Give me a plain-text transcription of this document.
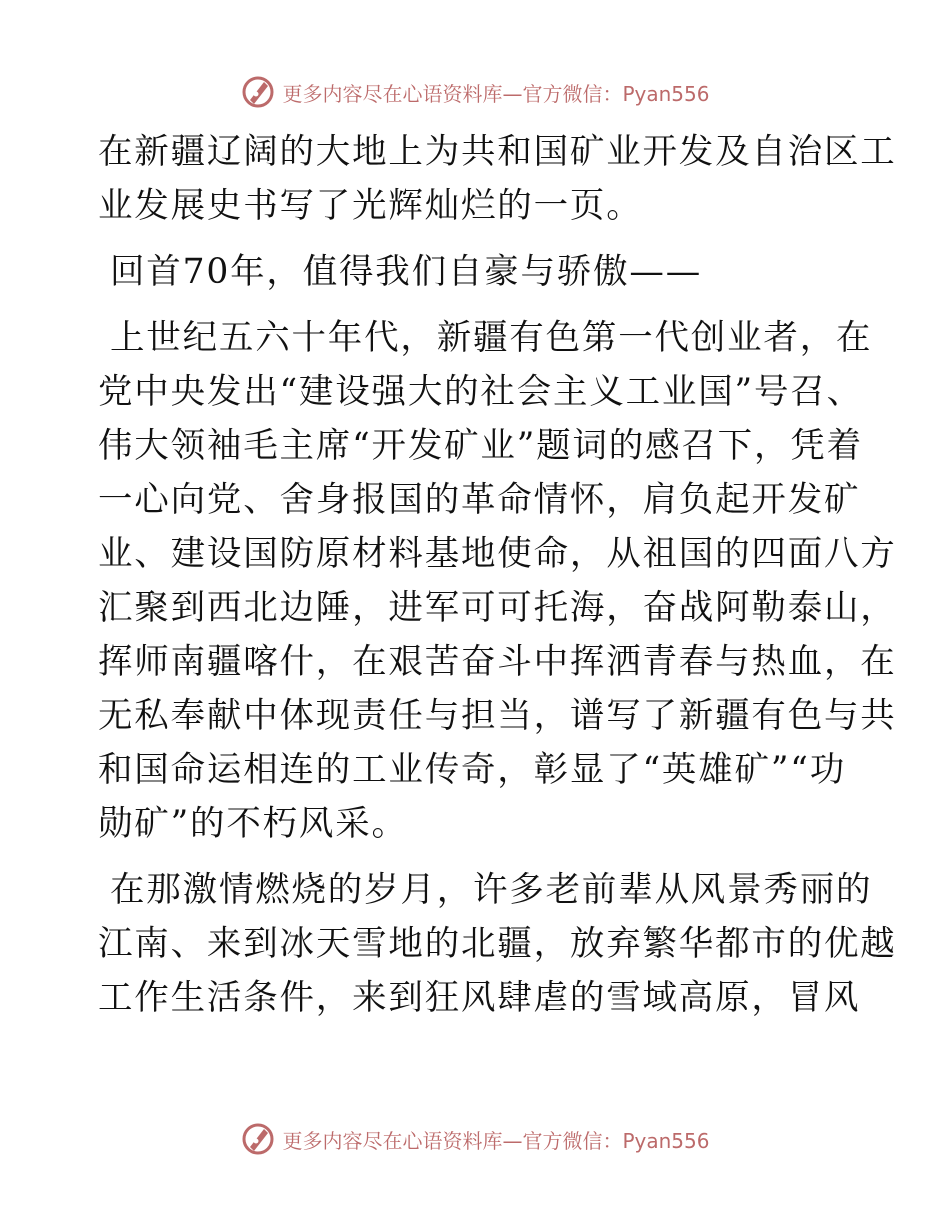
更多内容尽在心语资料库—官方微信：Pyan556

在新疆辽阔的大地上为共和国矿业开发及自治区工
业发展史书写了光辉灿烂的一页。

回首70年，值得我们自豪与骄傲——

上世纪五六十年代，新疆有色第一代创业者，在
党中央发出“建设强大的社会主义工业国”号召、
伟大领袖毛主席“开发矿业”题词的感召下，凭着
一心向党、舍身报国的革命情怀，肩负起开发矿
业、建设国防原材料基地使命，从祖国的四面八方
汇聚到西北边陲，进军可可托海，奋战阿勒泰山，
挥师南疆喀什，在艰苦奋斗中挥洒青春与热血，在
无私奉献中体现责任与担当，谱写了新疆有色与共
和国命运相连的工业传奇，彰显了“英雄矿”“功
勋矿”的不朽风采。

在那激情燃烧的岁月，许多老前辈从风景秀丽的
江南、来到冰天雪地的北疆，放弃繁华都市的优越
工作生活条件，来到狂风肆虐的雪域高原，冒风

更多内容尽在心语资料库—官方微信：Pyan556
